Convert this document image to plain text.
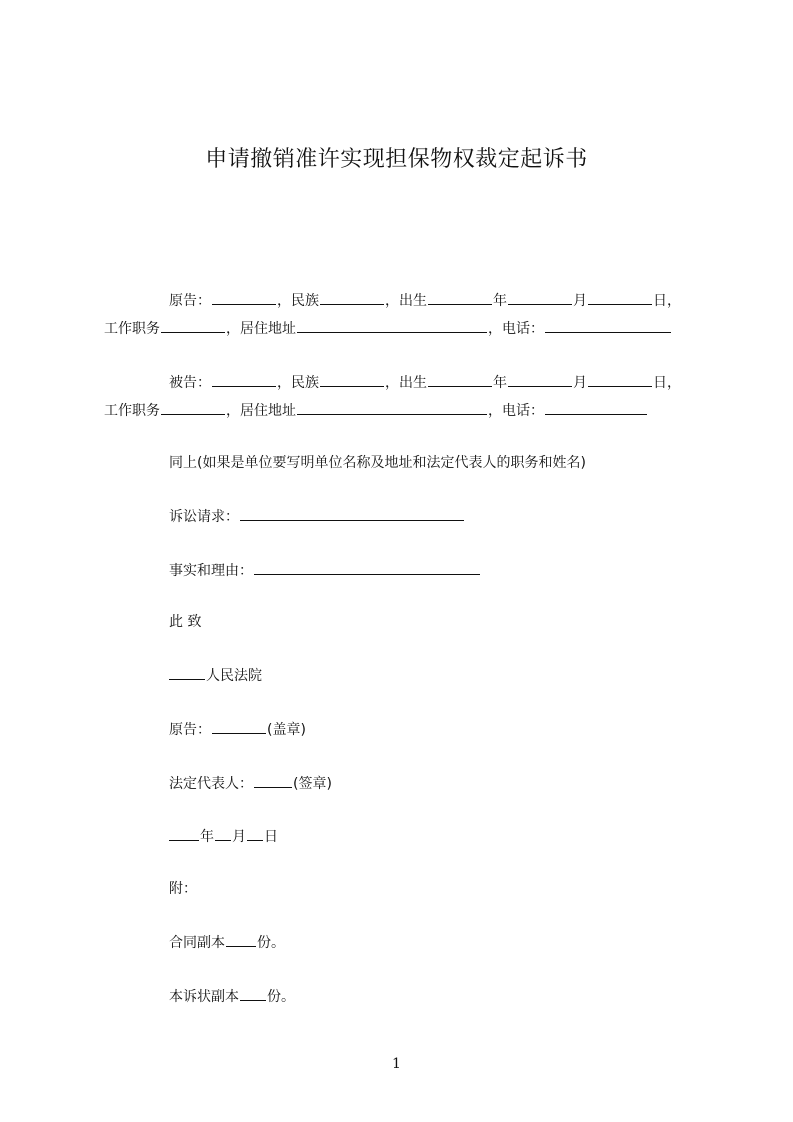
申请撤销准许实现担保物权裁定起诉书
原告：	，民族	，出生	年	月	日，
工作职务	，居住地址	，电话：
被告：	，民族	，出生	年	月	日，
工作职务	，居住地址	，电话：
同上(如果是单位要写明单位名称及地址和法定代表人的职务和姓名)
诉讼请求：
事实和理由：
此 致
人民法院
原告：	(盖章)
法定代表人：	(签章)
年 月 日
附：
合同副本 份。
本诉状副本 份。
1
